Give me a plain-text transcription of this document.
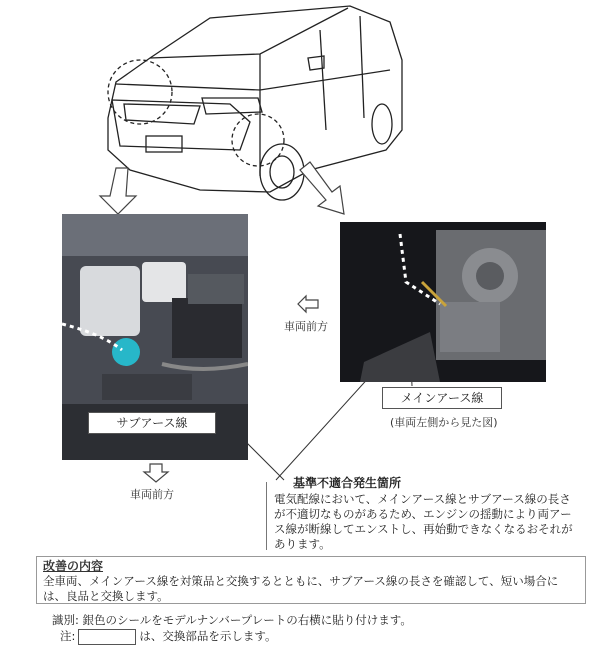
サブアース線
メインアース線
(車両左側から見た図)
車両前方
車両前方	電気配線において、メインアース線とサブアース線の長さが不適切なものがあるため、エンジンの揺動により両アース線が断線してエンストし、再始動できなくなるおそれがあります。
基準不適合発生箇所
改善の内容
全車両、メインアース線を対策品と交換するとともに、サブアース線の長さを確認して、短い場合には、良品と交換します。
識別: 銀色のシールをモデルナンバープレートの右横に貼り付けます。
注:	は、交換部品を示します。
